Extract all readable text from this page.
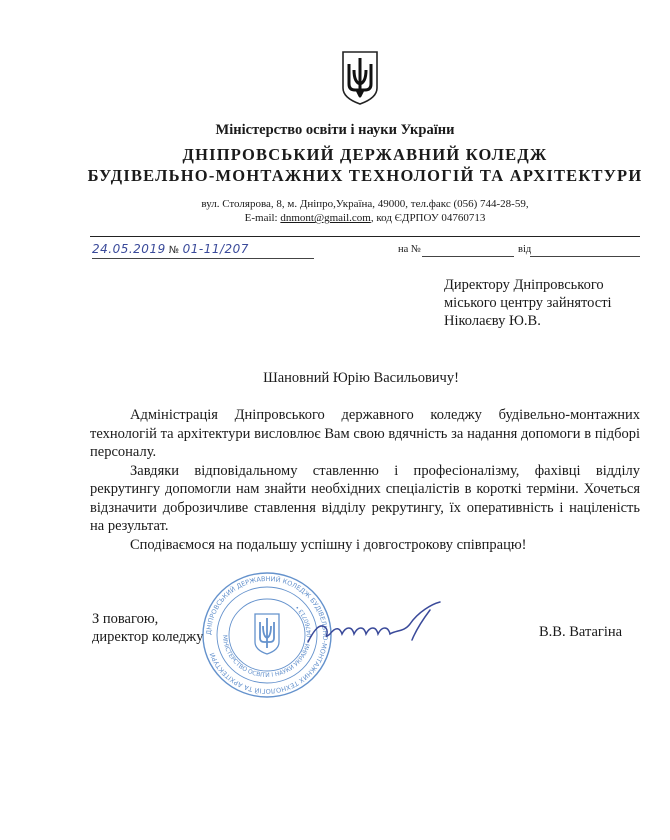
Міністерство освіти і науки України
ДНІПРОВСЬКИЙ ДЕРЖАВНИЙ КОЛЕДЖ
БУДІВЕЛЬНО-МОНТАЖНИХ ТЕХНОЛОГІЙ ТА АРХІТЕКТУРИ
вул. Столярова, 8, м. Дніпро,Україна, 49000, тел.факс (056) 744-28-59,
E-mail: dnmont@gmail.com, код ЄДРПОУ 04760713
24.05.2019 № 01-11/207	на №	від
Директору Дніпровського
міського центру зайнятості
Ніколаєву Ю.В.
Шановний Юрію Васильовичу!

Адміністрація Дніпровського державного коледжу будівельно-монтажних технологій та архітектури висловлює Вам свою вдячність за надання допомоги в підборі персоналу.

Завдяки відповідальному ставленню і професіоналізму, фахівці відділу рекрутингу допомогли нам знайти необхідних спеціалістів в короткі терміни. Хочеться відзначити доброзичливе ставлення відділу рекрутингу, їх оперативність і націленість на результат.

Сподіваємося на подальшу успішну і довгострокову співпрацю!

З повагою,
директор коледжу ДНІПРОВСЬКИЙ ДЕРЖАВНИЙ КОЛЕДЖ БУДІВЕЛЬНО-МОНТАЖНИХ ТЕХНОЛОГІЙ ТА АРХІТЕКТУРИ
МІНІСТЕРСТВО ОСВІТИ І НАУКИ УКРАЇНИ • 04760713 •
В.В. Ватагіна
